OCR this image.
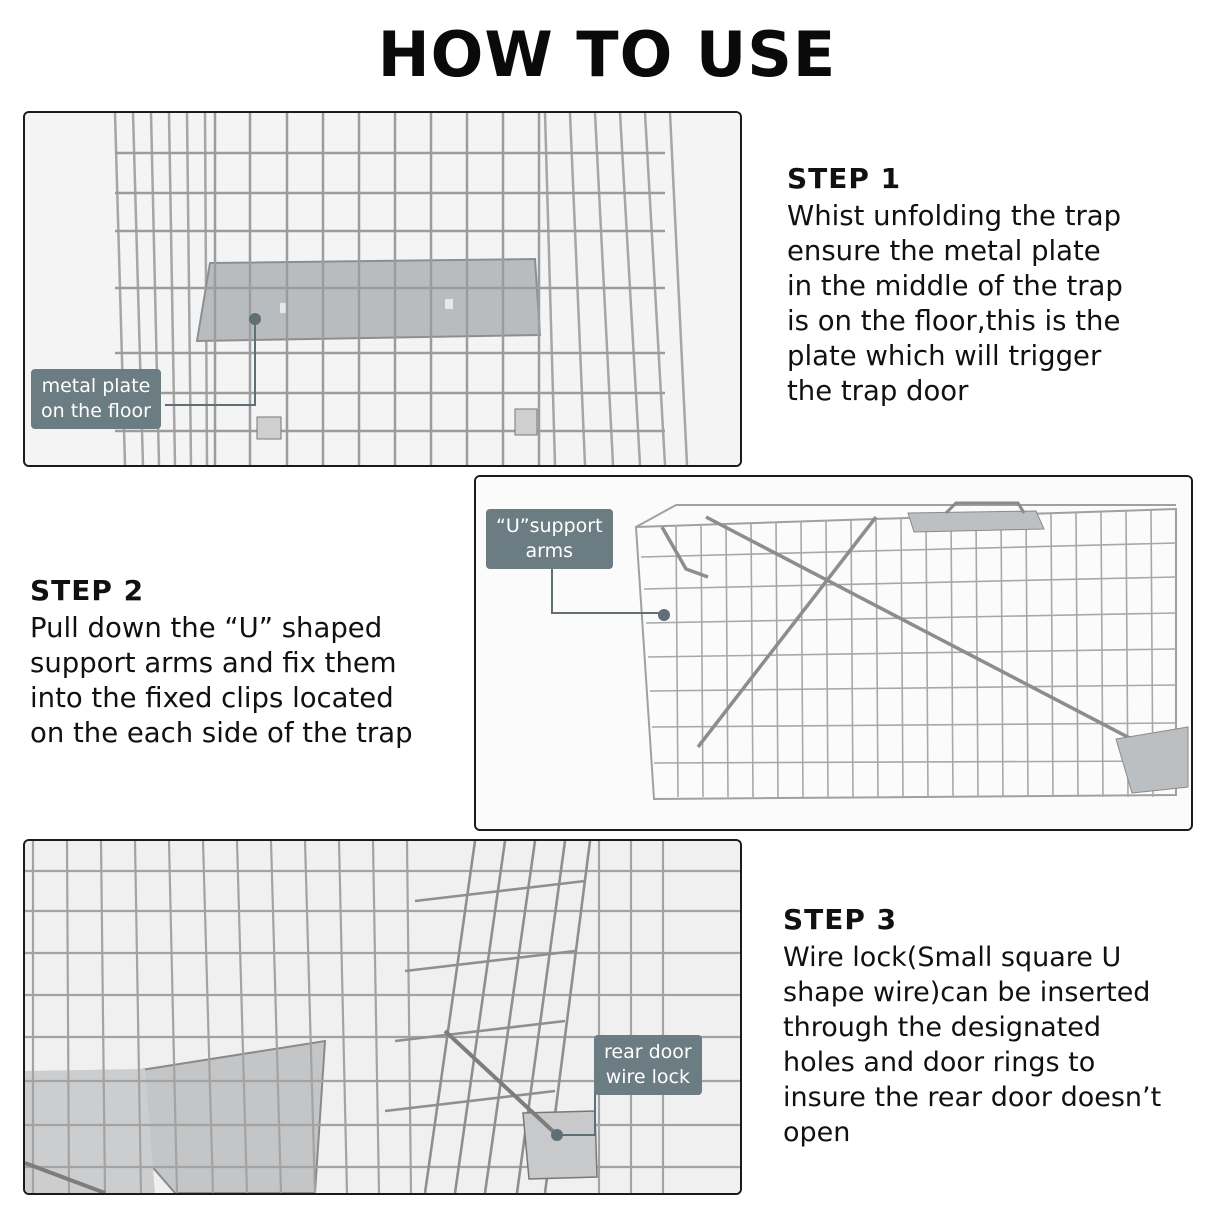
HOW TO USE
metal plate
on the floor
“U”support
arms
rear door
wire lock
STEP 1
Whist unfolding the trap
ensure the metal plate
in the middle of the trap
is on the floor,this is the
plate which will trigger
the trap door
STEP 2
Pull down the “U” shaped
support arms and fix them
into the fixed clips located
on the each side of the trap
STEP 3
Wire lock(Small square U
shape wire)can be inserted
through the designated
holes and door rings to
insure the rear door doesn’t
open
